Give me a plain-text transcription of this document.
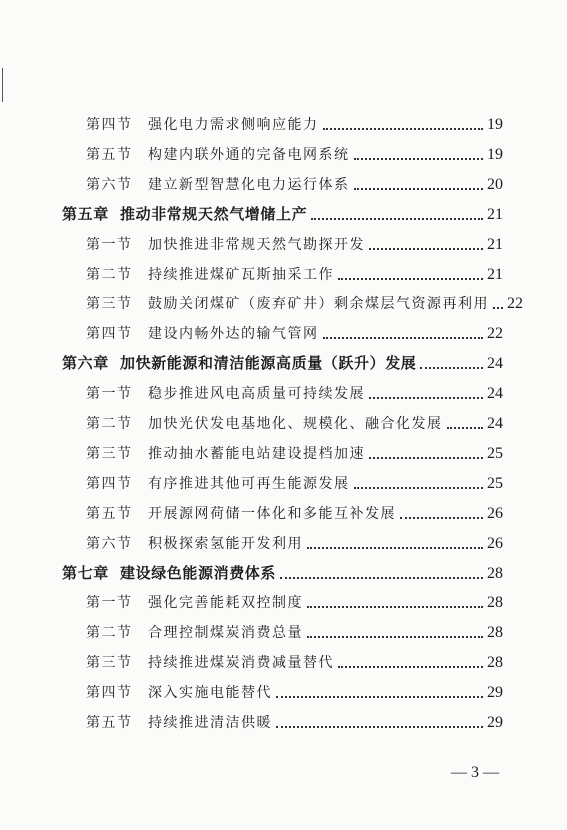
第四节	强化电力需求侧响应能力	19
第五节	构建内联外通的完备电网系统	19
第六节	建立新型智慧化电力运行体系	20
第五章 推动非常规天然气增储上产	21
第一节	加快推进非常规天然气勘探开发	21
第二节	持续推进煤矿瓦斯抽采工作	21
第三节	鼓励关闭煤矿（废弃矿井）剩余煤层气资源再利用 22
第四节	建设内畅外达的输气管网	22
第六章 加快新能源和清洁能源高质量（跃升）发展	24
第一节	稳步推进风电高质量可持续发展	24
第二节	加快光伏发电基地化、规模化、融合化发展	24
第三节	推动抽水蓄能电站建设提档加速	25
第四节	有序推进其他可再生能源发展	25
第五节	开展源网荷储一体化和多能互补发展	26
第六节	积极探索氢能开发利用	26
第七章 建设绿色能源消费体系	28
第一节	强化完善能耗双控制度	28
第二节	合理控制煤炭消费总量	28
第三节	持续推进煤炭消费减量替代	28
第四节	深入实施电能替代	29
第五节	持续推进清洁供暖	29
— 3 —
